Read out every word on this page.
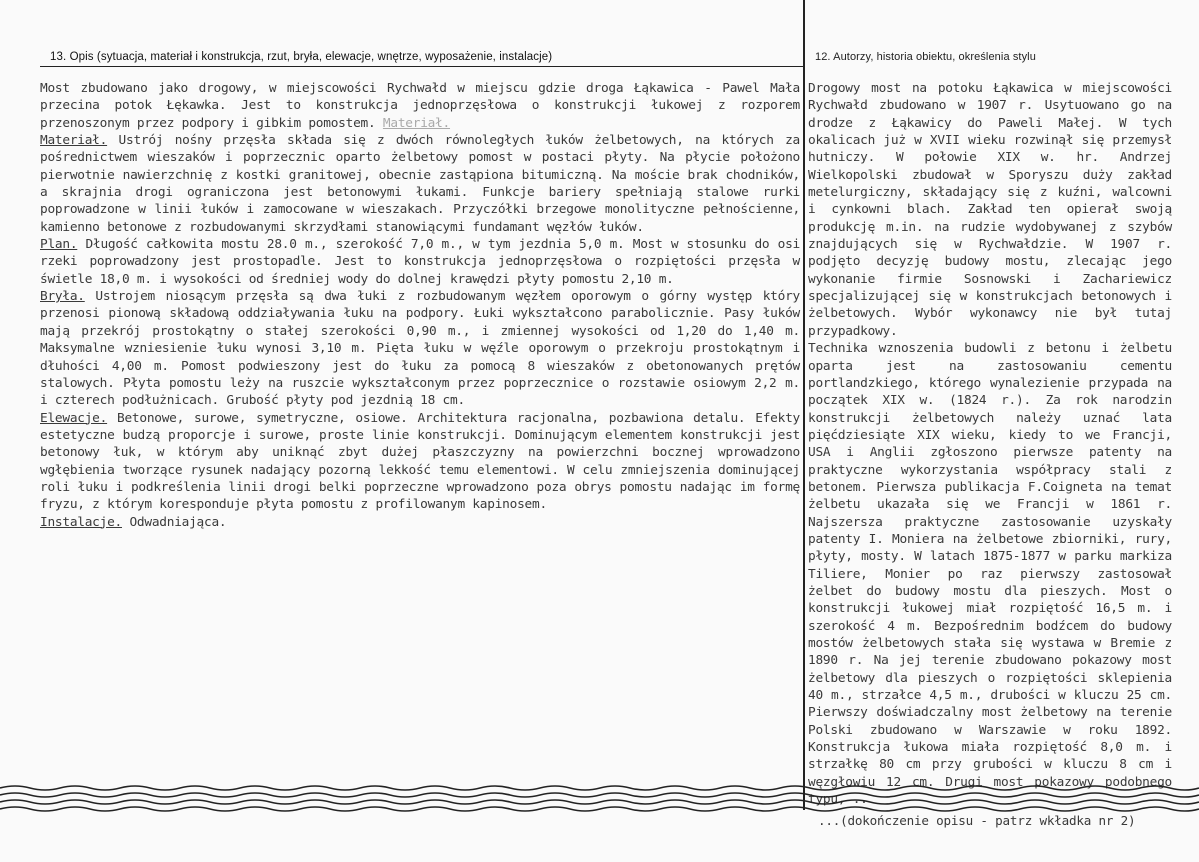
13. Opis (sytuacja, materiał i konstrukcja, rzut, bryła, elewacje, wnętrze, wyposażenie, instalacje)	12. Autorzy, historia obiektu, określenia stylu

Most zbudowano jako drogowy, w miejscowości Rychwałd w miejscu gdzie droga Łąkawica - Pawel Mała przecina potok Łękawka. Jest to konstrukcja jednoprzęsłowa o konstrukcji łukowej z rozporem przenoszonym przez podpory i gibkim pomostem. Materiał.

Materiał. Ustrój nośny przęsła składa się z dwóch równoległych łuków żelbetowych, na których za pośrednictwem wieszaków i poprzecznic oparto żelbetowy pomost w postaci płyty. Na płycie położono pierwotnie nawierzchnię z kostki granitowej, obecnie zastąpiona bitumiczną. Na moście brak chodników, a skrajnia drogi ograniczona jest betonowymi łukami. Funkcje bariery spełniają stalowe rurki poprowadzone w linii łuków i zamocowane w wieszakach. Przyczółki brzegowe monolityczne pełnościenne, kamienno betonowe z rozbudowanymi skrzydłami stanowiącymi fundamant węzłów łuków.

Plan. Długość całkowita mostu 28.0 m., szerokość 7,0 m., w tym jezdnia 5,0 m. Most w stosunku do osi rzeki poprowadzony jest prostopadle. Jest to konstrukcja jednoprzęsłowa o rozpiętości przęsła w świetle 18,0 m. i wysokości od średniej wody do dolnej krawędzi płyty pomostu 2,10 m.

Bryła. Ustrojem niosącym przęsła są dwa łuki z rozbudowanym węzłem oporowym o górny występ który przenosi pionową składową oddziaływania łuku na podpory. Łuki wykształcono parabolicznie. Pasy łuków mają przekrój prostokątny o stałej szerokości 0,90 m., i zmiennej wysokości od 1,20 do 1,40 m. Maksymalne wzniesienie łuku wynosi 3,10 m. Pięta łuku w węźle oporowym o przekroju prostokątnym i dłuhości 4,00 m. Pomost podwieszony jest do łuku za pomocą 8 wieszaków z obetonowanych prętów stalowych. Płyta pomostu leży na ruszcie wykształconym przez poprzecznice o rozstawie osiowym 2,2 m. i czterech podłużnicach. Grubość płyty pod jezdnią 18 cm.

Elewacje. Betonowe, surowe, symetryczne, osiowe. Architektura racjonalna, pozbawiona detalu. Efekty estetyczne budzą proporcje i surowe, proste linie konstrukcji. Dominującym elementem konstrukcji jest betonowy łuk, w którym aby uniknąć zbyt dużej płaszczyzny na powierzchni bocznej wprowadzono wgłębienia tworzące rysunek nadający pozorną lekkość temu elementowi. W celu zmniejszenia dominującej roli łuku i podkreślenia linii drogi belki poprzeczne wprowadzono poza obrys pomostu nadając im formę fryzu, z którym koresponduje płyta pomostu z profilowanym kapinosem.

Instalacje. Odwadniająca.

Drogowy most na potoku Łąkawica w miejscowości Rychwałd zbudowano w 1907 r. Usytuowano go na drodze z Łąkawicy do Paweli Małej. W tych okalicach już w XVII wieku rozwinął się przemysł hutniczy. W połowie XIX w. hr. Andrzej Wielkopolski zbudował w Sporyszu duży zakład metelurgiczny, składający się z kuźni, walcowni i cynkowni blach. Zakład ten opierał swoją produkcję m.in. na rudzie wydobywanej z szybów znajdujących się w Rychwałdzie. W 1907 r. podjęto decyzję budowy mostu, zlecając jego wykonanie firmie Sosnowski i Zachariewicz specjalizującej się w konstrukcjach betonowych i żelbetowych. Wybór wykonawcy nie był tutaj przypadkowy.

Technika wznoszenia budowli z betonu i żelbetu oparta jest na zastosowaniu cementu portlandzkiego, którego wynalezienie przypada na początek XIX w. (1824 r.). Za rok narodzin konstrukcji żelbetowych należy uznać lata pięćdziesiąte XIX wieku, kiedy to we Francji, USA i Anglii zgłoszono pierwsze patenty na praktyczne wykorzystania współpracy stali z betonem. Pierwsza publikacja F.Coigneta na temat żelbetu ukazała się we Francji w 1861 r. Najszersza praktyczne zastosowanie uzyskały patenty I. Moniera na żelbetowe zbiorniki, rury, płyty, mosty. W latach 1875-1877 w parku markiza Tiliere, Monier po raz pierwszy zastosował żelbet do budowy mostu dla pieszych. Most o konstrukcji łukowej miał rozpiętość 16,5 m. i szerokość 4 m. Bezpośrednim bodźcem do budowy mostów żelbetowych stała się wystawa w Bremie z 1890 r. Na jej terenie zbudowano pokazowy most żelbetowy dla pieszych o rozpiętości sklepienia 40 m., strzałce 4,5 m., drubości w kluczu 25 cm. Pierwszy doświadczalny most żelbetowy na terenie Polski zbudowano w Warszawie w roku 1892. Konstrukcja łukowa miała rozpiętość 8,0 m. i strzałkę 80 cm przy grubości w kluczu 8 cm i węzgłowiu 12 cm. Drugi most pokazowy podobnego typu, ..

...(dokończenie opisu - patrz wkładka nr 2)
